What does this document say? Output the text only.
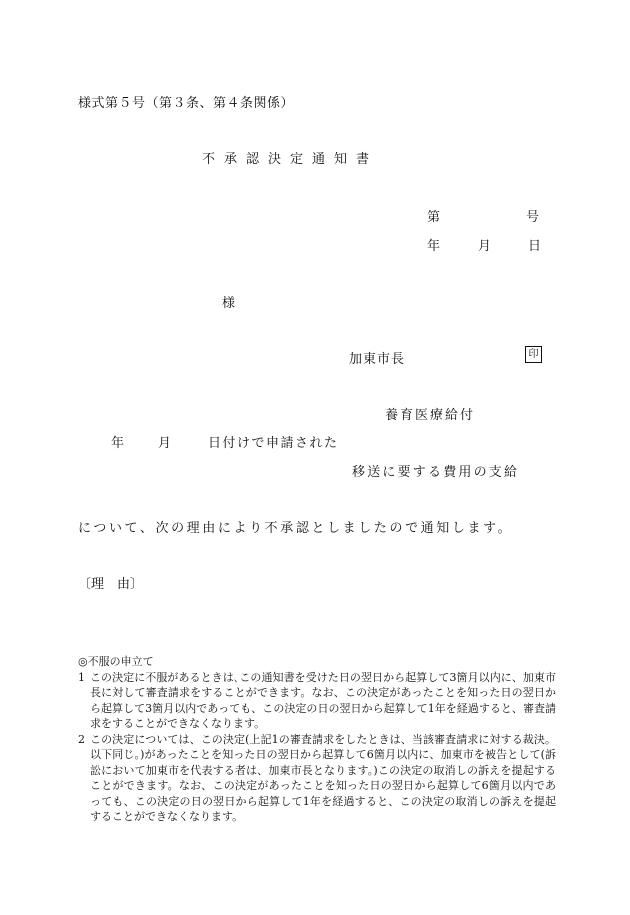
様式第５号（第３条、第４条関係）
不承認決定通知書
第	号
年	月	日
様
加東市長	印
養育医療給付
年	月	日付けで申請された
移送に要する費用の支給
について、次の理由により不承認としましたので通知します。
〔理　由〕
◎不服の申立て
1 この決定に不服があるときは､この通知書を受けた日の翌日から起算して3箇月以内に、加東市長に対して審査請求をすることができます。なお、この決定があったことを知った日の翌日から起算して3箇月以内であっても、この決定の日の翌日から起算して1年を経過すると、審査請求をすることができなくなります。
2 この決定については、この決定(上記1の審査請求をしたときは、当該審査請求に対する裁決。以下同じ。)があったことを知った日の翌日から起算して6箇月以内に、加東市を被告として(訴訟において加東市を代表する者は、加東市長となります。)この決定の取消しの訴えを提起することができます。なお、この決定があったことを知った日の翌日から起算して6箇月以内であっても、この決定の日の翌日から起算して1年を経過すると、この決定の取消しの訴えを提起することができなくなります。
